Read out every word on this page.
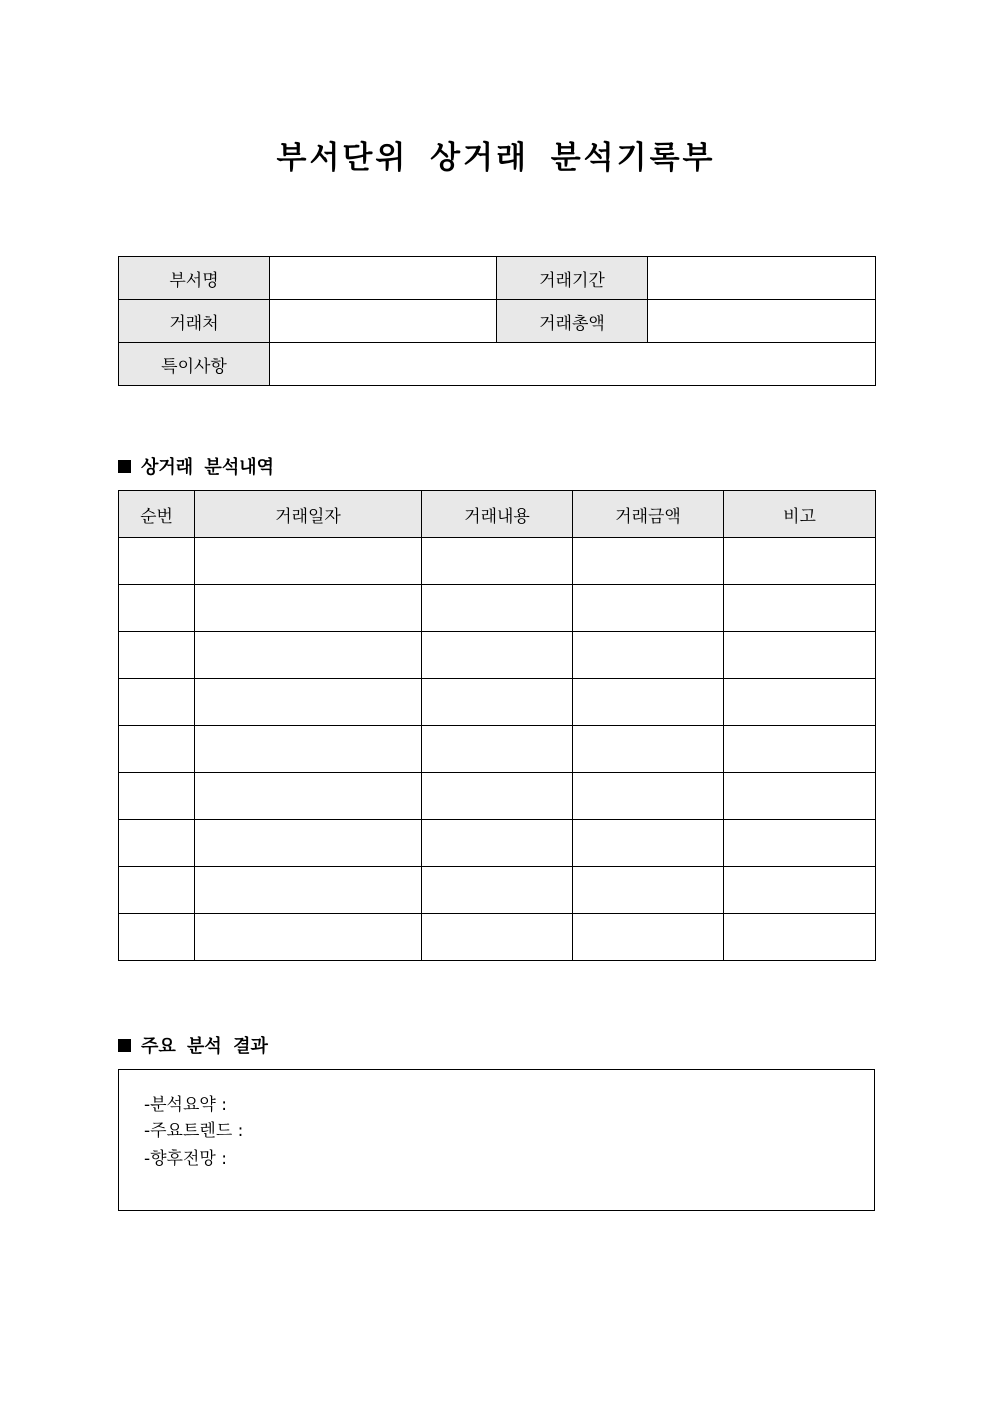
부서단위 상거래 분석기록부
부서명		거래기간	
거래처		거래총액	
특이사항			
상거래 분석내역
순번	거래일자	거래내용	거래금액	비고

주요 분석 결과
-분석요약 :
-주요트렌드 :
-향후전망 :
